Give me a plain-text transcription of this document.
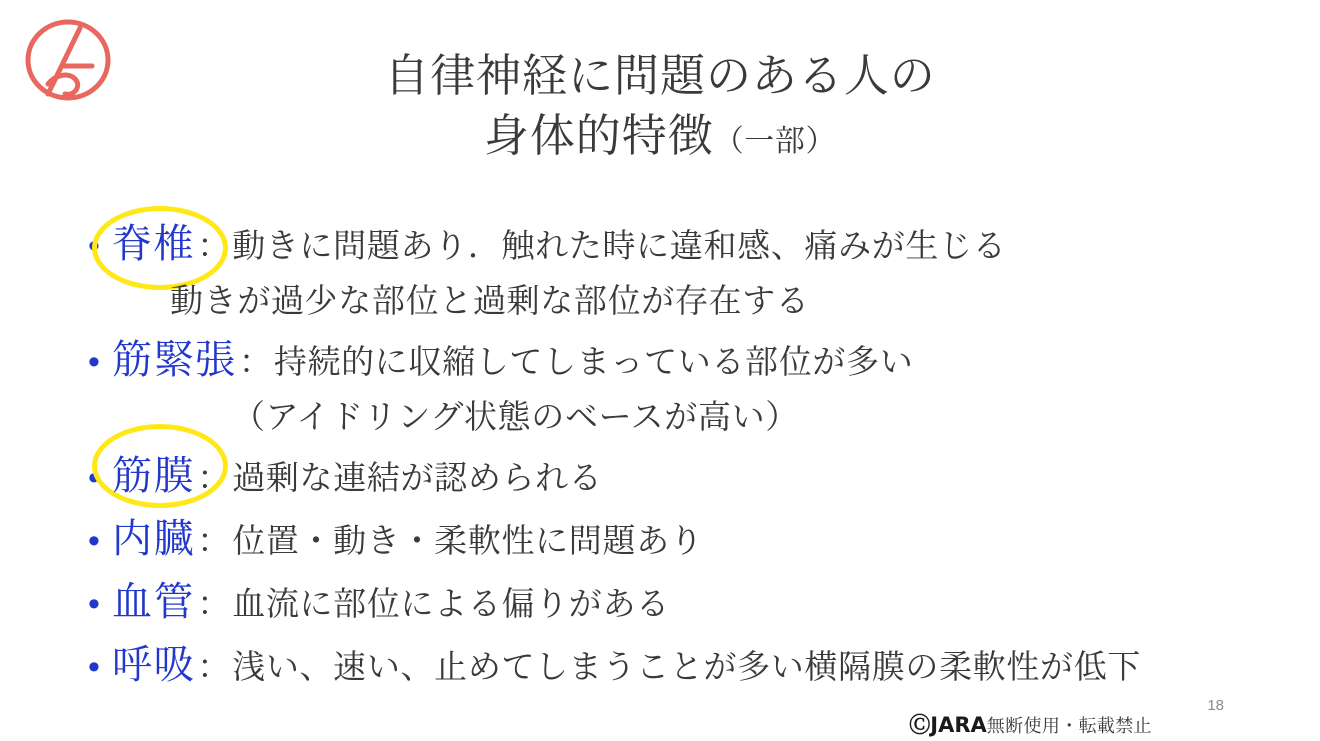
自律神経に問題のある人の
身体的特徴（一部）
• 脊椎 ： 動きに問題あり．触れた時に違和感、痛みが生じる
動きが過少な部位と過剰な部位が存在する
• 筋緊張 ： 持続的に収縮してしまっている部位が多い
（アイドリング状態のベースが高い）
• 筋膜 ： 過剰な連結が認められる
• 内臓 ： 位置・動き・柔軟性に問題あり
• 血管 ： 血流に部位による偏りがある
• 呼吸 ： 浅い、速い、止めてしまうことが多い横隔膜の柔軟性が低下
18
ⒸJARA無断使用・転載禁止
